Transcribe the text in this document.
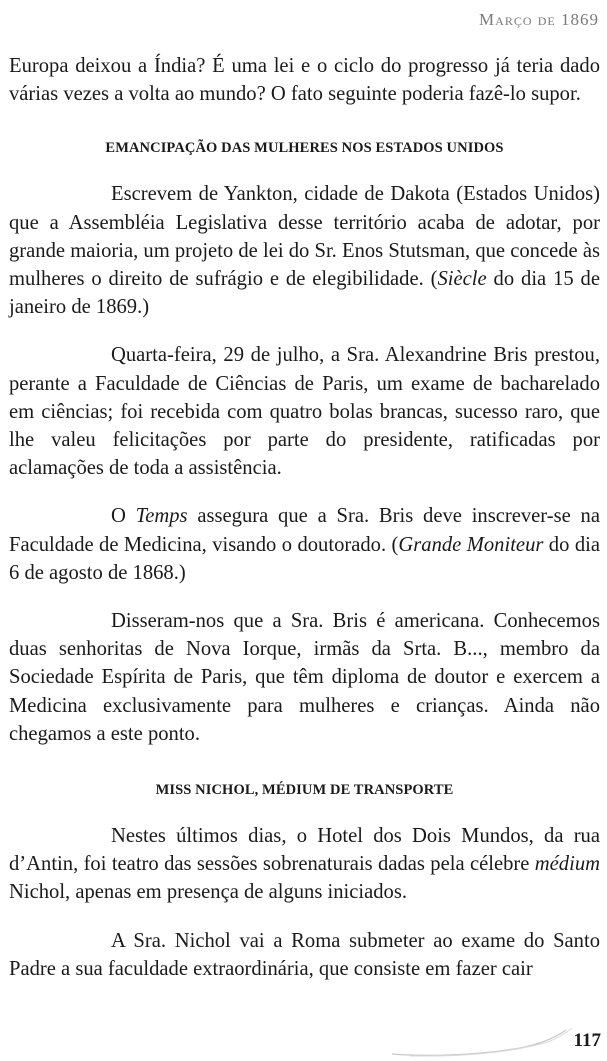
Março de 1869

Europa deixou a Índia? É uma lei e o ciclo do progresso já teria dado várias vezes a volta ao mundo? O fato seguinte poderia fazê-lo supor.

EMANCIPAÇÃO DAS MULHERES NOS ESTADOS UNIDOS

Escrevem de Yankton, cidade de Dakota (Estados Unidos) que a Assembléia Legislativa desse território acaba de adotar, por grande maioria, um projeto de lei do Sr. Enos Stutsman, que concede às mulheres o direito de sufrágio e de elegibilidade. (Siècle do dia 15 de janeiro de 1869.)

Quarta-feira, 29 de julho, a Sra. Alexandrine Bris prestou, perante a Faculdade de Ciências de Paris, um exame de bacharelado em ciências; foi recebida com quatro bolas brancas, sucesso raro, que lhe valeu felicitações por parte do presidente, ratificadas por aclamações de toda a assistência.

O Temps assegura que a Sra. Bris deve inscrever-se na Faculdade de Medicina, visando o doutorado. (Grande Moniteur do dia 6 de agosto de 1868.)

Disseram-nos que a Sra. Bris é americana. Conhecemos duas senhoritas de Nova Iorque, irmãs da Srta. B..., membro da Sociedade Espírita de Paris, que têm diploma de doutor e exercem a Medicina exclusivamente para mulheres e crianças. Ainda não chegamos a este ponto.

MISS NICHOL, MÉDIUM DE TRANSPORTE

Nestes últimos dias, o Hotel dos Dois Mundos, da rua d’Antin, foi teatro das sessões sobrenaturais dadas pela célebre médium Nichol, apenas em presença de alguns iniciados.

A Sra. Nichol vai a Roma submeter ao exame do Santo Padre a sua faculdade extraordinária, que consiste em fazer cair

117
